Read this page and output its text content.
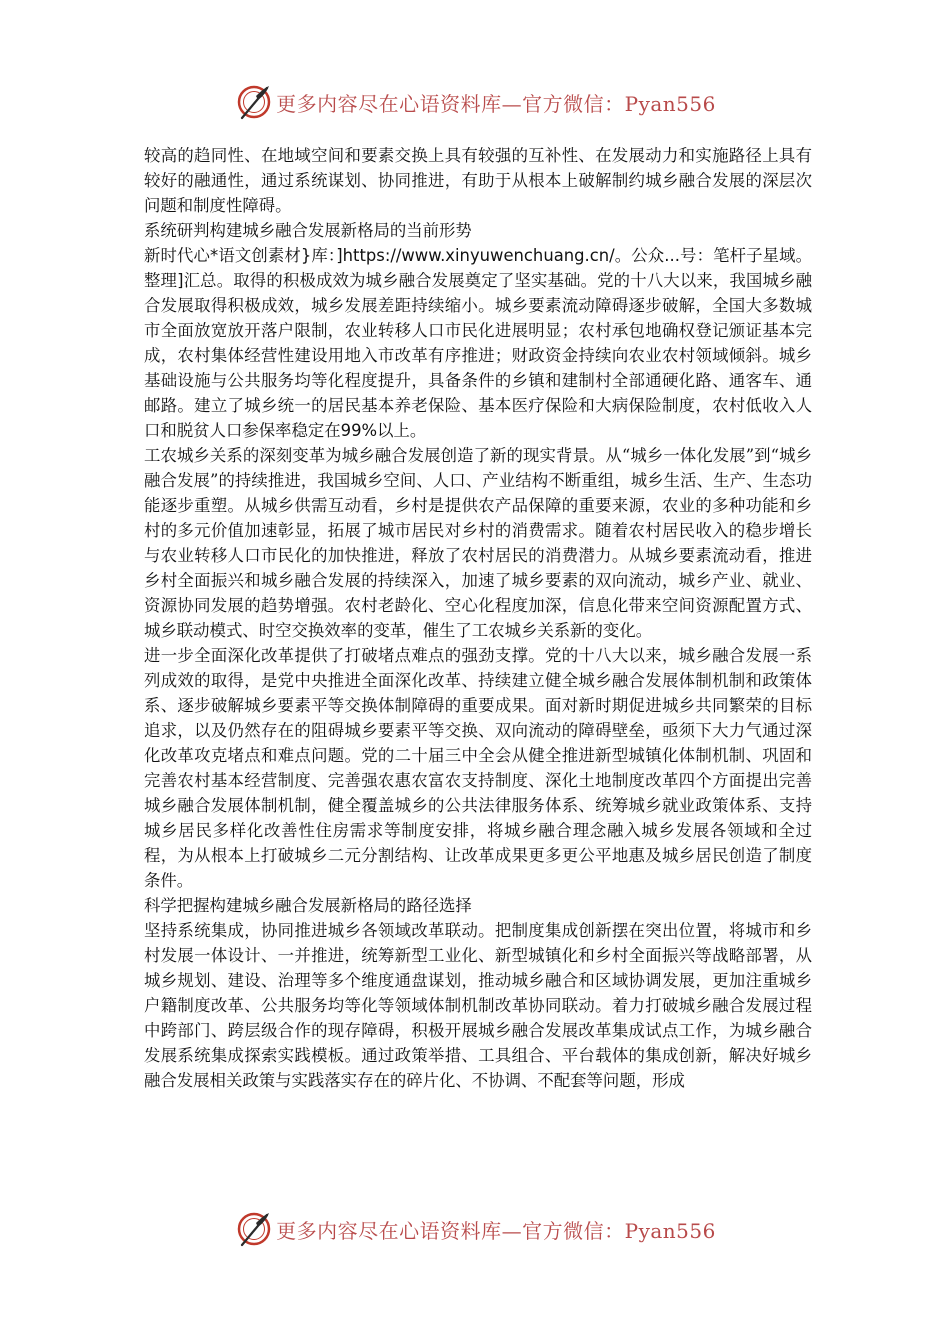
更多内容尽在心语资料库—官方微信：Pyan556

较高的趋同性、在地域空间和要素交换上具有较强的互补性、在发展动力和实施路径上具有较好的融通性，通过系统谋划、协同推进，有助于从根本上破解制约城乡融合发展的深层次问题和制度性障碍。

系统研判构建城乡融合发展新格局的当前形势

新时代心*语文创素材}库：]https://www.xinyuwenchuang.cn/。公众...号：笔杆子星域。整理]汇总。取得的积极成效为城乡融合发展奠定了坚实基础。党的十八大以来，我国城乡融合发展取得积极成效，城乡发展差距持续缩小。城乡要素流动障碍逐步破解，全国大多数城市全面放宽放开落户限制，农业转移人口市民化进展明显；农村承包地确权登记颁证基本完成，农村集体经营性建设用地入市改革有序推进；财政资金持续向农业农村领域倾斜。城乡基础设施与公共服务均等化程度提升，具备条件的乡镇和建制村全部通硬化路、通客车、通邮路。建立了城乡统一的居民基本养老保险、基本医疗保险和大病保险制度，农村低收入人口和脱贫人口参保率稳定在99%以上。

工农城乡关系的深刻变革为城乡融合发展创造了新的现实背景。从“城乡一体化发展”到“城乡融合发展”的持续推进，我国城乡空间、人口、产业结构不断重组，城乡生活、生产、生态功能逐步重塑。从城乡供需互动看，乡村是提供农产品保障的重要来源，农业的多种功能和乡村的多元价值加速彰显，拓展了城市居民对乡村的消费需求。随着农村居民收入的稳步增长与农业转移人口市民化的加快推进，释放了农村居民的消费潜力。从城乡要素流动看，推进乡村全面振兴和城乡融合发展的持续深入，加速了城乡要素的双向流动，城乡产业、就业、资源协同发展的趋势增强。农村老龄化、空心化程度加深，信息化带来空间资源配置方式、城乡联动模式、时空交换效率的变革，催生了工农城乡关系新的变化。

进一步全面深化改革提供了打破堵点难点的强劲支撑。党的十八大以来，城乡融合发展一系列成效的取得，是党中央推进全面深化改革、持续建立健全城乡融合发展体制机制和政策体系、逐步破解城乡要素平等交换体制障碍的重要成果。面对新时期促进城乡共同繁荣的目标追求，以及仍然存在的阻碍城乡要素平等交换、双向流动的障碍壁垒，亟须下大力气通过深化改革攻克堵点和难点问题。党的二十届三中全会从健全推进新型城镇化体制机制、巩固和完善农村基本经营制度、完善强农惠农富农支持制度、深化土地制度改革四个方面提出完善城乡融合发展体制机制，健全覆盖城乡的公共法律服务体系、统筹城乡就业政策体系、支持城乡居民多样化改善性住房需求等制度安排，将城乡融合理念融入城乡发展各领域和全过程，为从根本上打破城乡二元分割结构、让改革成果更多更公平地惠及城乡居民创造了制度条件。

科学把握构建城乡融合发展新格局的路径选择

坚持系统集成，协同推进城乡各领域改革联动。把制度集成创新摆在突出位置，将城市和乡村发展一体设计、一并推进，统筹新型工业化、新型城镇化和乡村全面振兴等战略部署，从城乡规划、建设、治理等多个维度通盘谋划，推动城乡融合和区域协调发展，更加注重城乡户籍制度改革、公共服务均等化等领域体制机制改革协同联动。着力打破城乡融合发展过程中跨部门、跨层级合作的现存障碍，积极开展城乡融合发展改革集成试点工作，为城乡融合发展系统集成探索实践模板。通过政策举措、工具组合、平台载体的集成创新，解决好城乡融合发展相关政策与实践落实存在的碎片化、不协调、不配套等问题，形成

更多内容尽在心语资料库—官方微信：Pyan556
